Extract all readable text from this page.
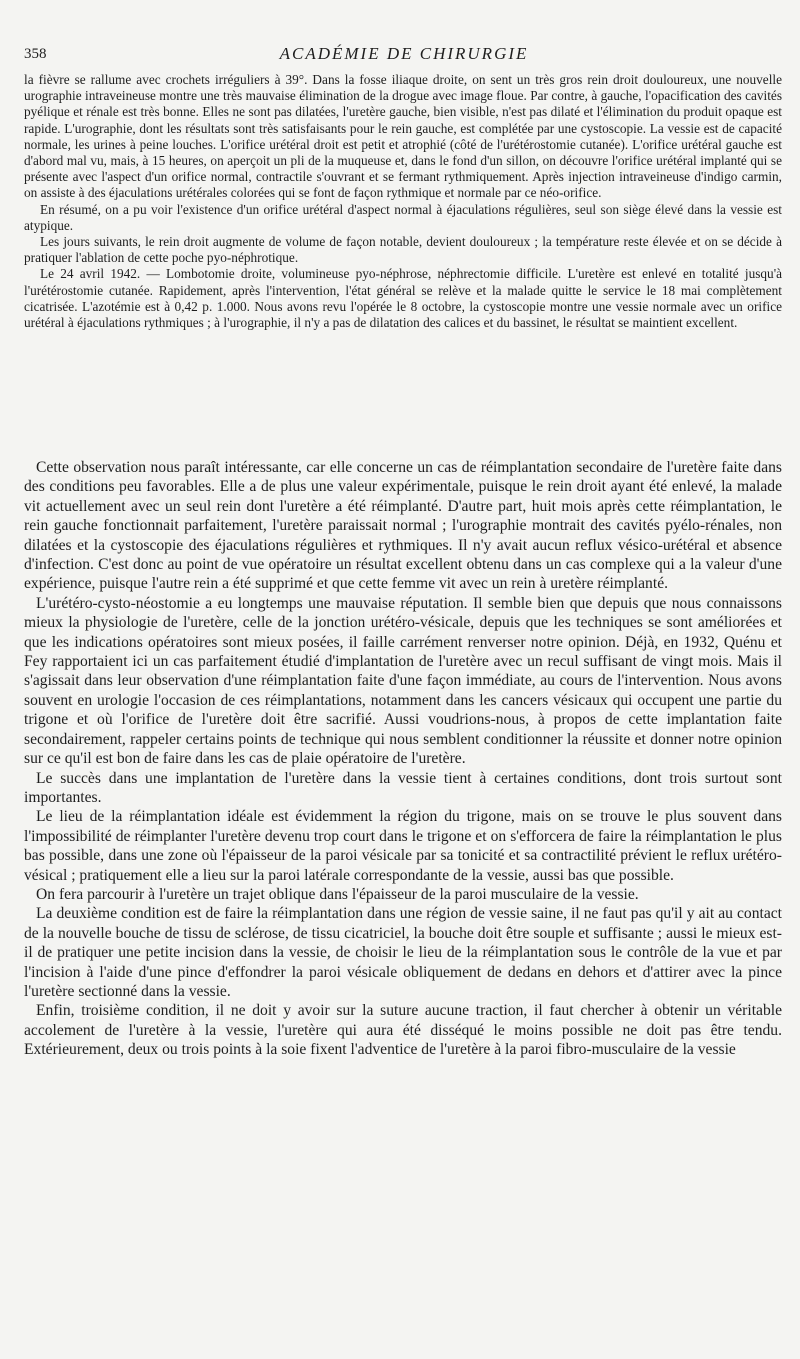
358	ACADÉMIE DE CHIRURGIE

la fièvre se rallume avec crochets irréguliers à 39°. Dans la fosse iliaque droite, on sent un très gros rein droit douloureux, une nouvelle urographie intraveineuse montre une très mauvaise élimination de la drogue avec image floue. Par contre, à gauche, l'opacification des cavités pyélique et rénale est très bonne. Elles ne sont pas dilatées, l'uretère gauche, bien visible, n'est pas dilaté et l'élimination du produit opaque est rapide. L'urographie, dont les résultats sont très satisfaisants pour le rein gauche, est complétée par une cystoscopie. La vessie est de capacité normale, les urines à peine louches. L'orifice urétéral droit est petit et atrophié (côté de l'urétérostomie cutanée). L'orifice urétéral gauche est d'abord mal vu, mais, à 15 heures, on aperçoit un pli de la muqueuse et, dans le fond d'un sillon, on découvre l'orifice urétéral implanté qui se présente avec l'aspect d'un orifice normal, contractile s'ouvrant et se fermant rythmiquement. Après injection intraveineuse d'indigo carmin, on assiste à des éjaculations urétérales colorées qui se font de façon rythmique et normale par ce néo-orifice.

En résumé, on a pu voir l'existence d'un orifice urétéral d'aspect normal à éjaculations régulières, seul son siège élevé dans la vessie est atypique.

Les jours suivants, le rein droit augmente de volume de façon notable, devient douloureux ; la température reste élevée et on se décide à pratiquer l'ablation de cette poche pyo-néphrotique.

Le 24 avril 1942. — Lombotomie droite, volumineuse pyo-néphrose, néphrectomie difficile. L'uretère est enlevé en totalité jusqu'à l'urétérostomie cutanée. Rapidement, après l'intervention, l'état général se relève et la malade quitte le service le 18 mai complètement cicatrisée. L'azotémie est à 0,42 p. 1.000. Nous avons revu l'opérée le 8 octobre, la cystoscopie montre une vessie normale avec un orifice urétéral à éjaculations rythmiques ; à l'urographie, il n'y a pas de dilatation des calices et du bassinet, le résultat se maintient excellent.

Cette observation nous paraît intéressante, car elle concerne un cas de réimplantation secondaire de l'uretère faite dans des conditions peu favorables. Elle a de plus une valeur expérimentale, puisque le rein droit ayant été enlevé, la malade vit actuellement avec un seul rein dont l'uretère a été réimplanté. D'autre part, huit mois après cette réimplantation, le rein gauche fonctionnait parfaitement, l'uretère paraissait normal ; l'urographie montrait des cavités pyélo-rénales, non dilatées et la cystoscopie des éjaculations régulières et rythmiques. Il n'y avait aucun reflux vésico-urétéral et absence d'infection. C'est donc au point de vue opératoire un résultat excellent obtenu dans un cas complexe qui a la valeur d'une expérience, puisque l'autre rein a été supprimé et que cette femme vit avec un rein à uretère réimplanté.

L'urétéro-cysto-néostomie a eu longtemps une mauvaise réputation. Il semble bien que depuis que nous connaissons mieux la physiologie de l'uretère, celle de la jonction urétéro-vésicale, depuis que les techniques se sont améliorées et que les indications opératoires sont mieux posées, il faille carrément renverser notre opinion. Déjà, en 1932, Quénu et Fey rapportaient ici un cas parfaitement étudié d'implantation de l'uretère avec un recul suffisant de vingt mois. Mais il s'agissait dans leur observation d'une réimplantation faite d'une façon immédiate, au cours de l'intervention. Nous avons souvent en urologie l'occasion de ces réimplantations, notamment dans les cancers vésicaux qui occupent une partie du trigone et où l'orifice de l'uretère doit être sacrifié. Aussi voudrions-nous, à propos de cette implantation faite secondairement, rappeler certains points de technique qui nous semblent conditionner la réussite et donner notre opinion sur ce qu'il est bon de faire dans les cas de plaie opératoire de l'uretère.

Le succès dans une implantation de l'uretère dans la vessie tient à certaines conditions, dont trois surtout sont importantes.

Le lieu de la réimplantation idéale est évidemment la région du trigone, mais on se trouve le plus souvent dans l'impossibilité de réimplanter l'uretère devenu trop court dans le trigone et on s'efforcera de faire la réimplantation le plus bas possible, dans une zone où l'épaisseur de la paroi vésicale par sa tonicité et sa contractilité prévient le reflux urétéro-vésical ; pratiquement elle a lieu sur la paroi latérale correspondante de la vessie, aussi bas que possible.

On fera parcourir à l'uretère un trajet oblique dans l'épaisseur de la paroi musculaire de la vessie.

La deuxième condition est de faire la réimplantation dans une région de vessie saine, il ne faut pas qu'il y ait au contact de la nouvelle bouche de tissu de sclérose, de tissu cicatriciel, la bouche doit être souple et suffisante ; aussi le mieux est-il de pratiquer une petite incision dans la vessie, de choisir le lieu de la réimplantation sous le contrôle de la vue et par l'incision à l'aide d'une pince d'effondrer la paroi vésicale obliquement de dedans en dehors et d'attirer avec la pince l'uretère sectionné dans la vessie.

Enfin, troisième condition, il ne doit y avoir sur la suture aucune traction, il faut chercher à obtenir un véritable accolement de l'uretère à la vessie, l'uretère qui aura été disséqué le moins possible ne doit pas être tendu. Extérieurement, deux ou trois points à la soie fixent l'adventice de l'uretère à la paroi fibro-musculaire de la vessie
